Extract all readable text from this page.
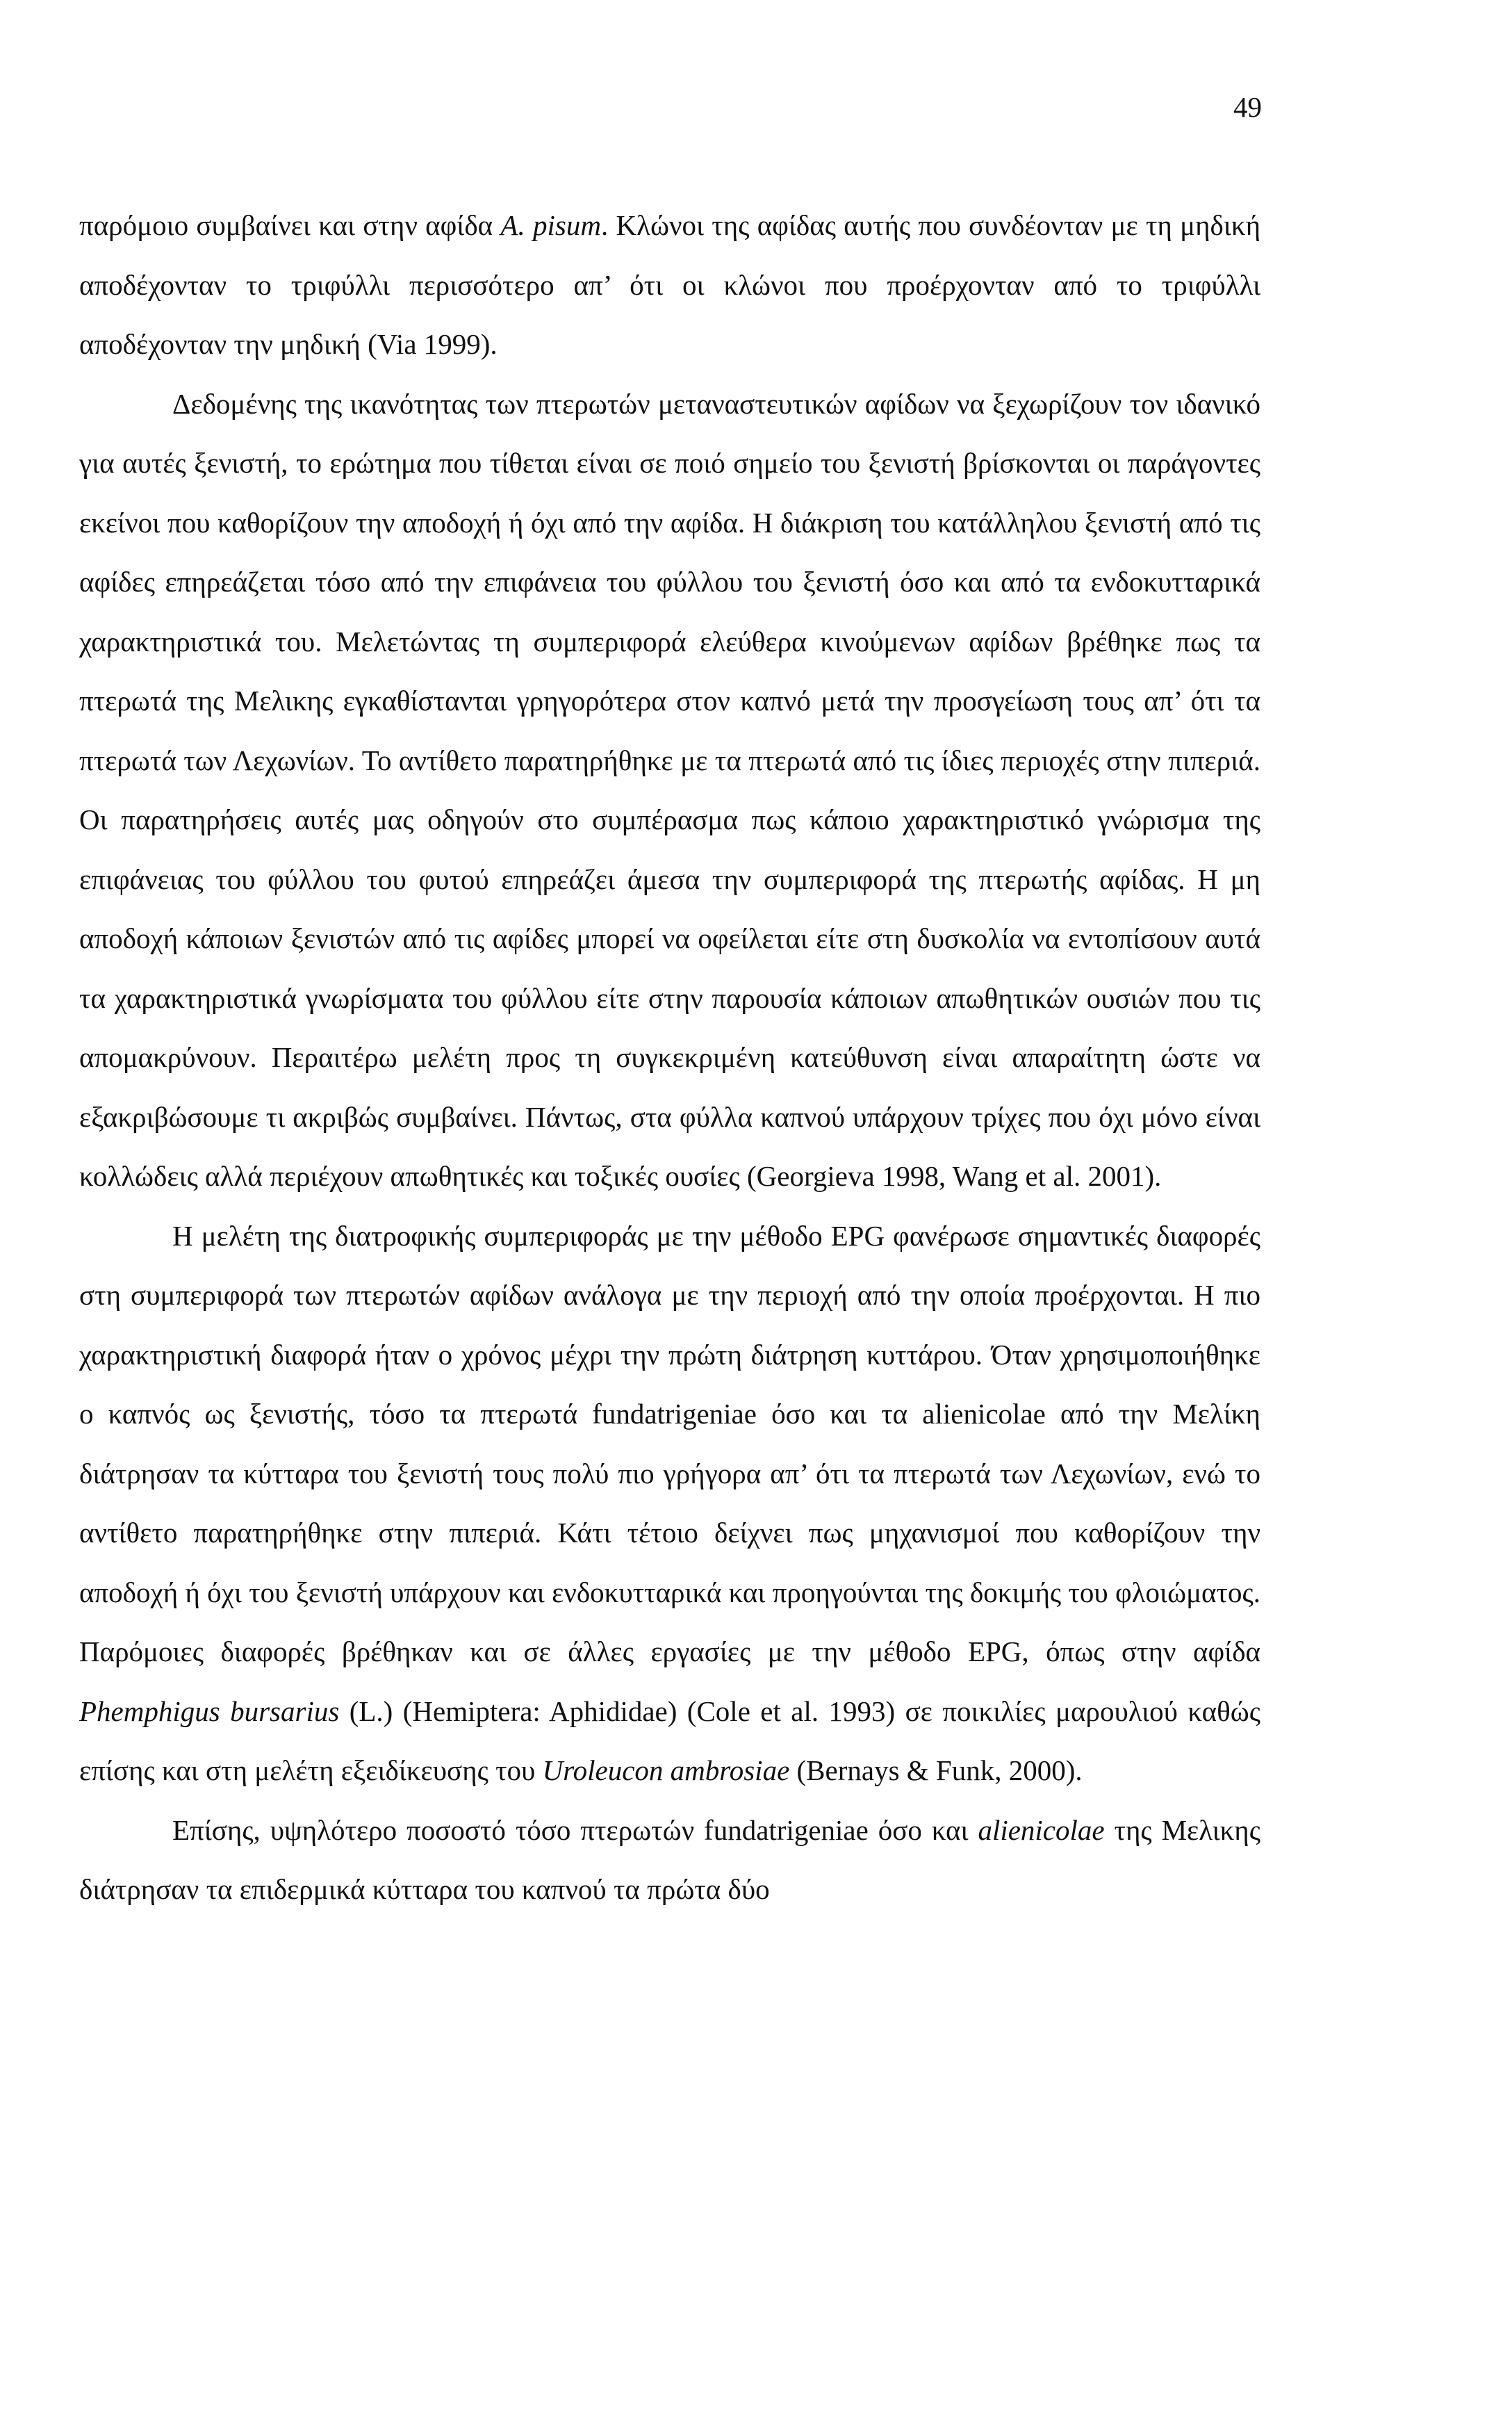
49

παρόμοιο συμβαίνει και στην αφίδα A. pisum. Κλώνοι της αφίδας αυτής που συνδέονταν με τη μηδική αποδέχονταν το τριφύλλι περισσότερο απ’ ότι οι κλώνοι που προέρχονταν από το τριφύλλι αποδέχονταν την μηδική (Via 1999).

Δεδομένης της ικανότητας των πτερωτών μεταναστευτικών αφίδων να ξεχωρίζουν τον ιδανικό για αυτές ξενιστή, το ερώτημα που τίθεται είναι σε ποιό σημείο του ξενιστή βρίσκονται οι παράγοντες εκείνοι που καθορίζουν την αποδοχή ή όχι από την αφίδα. Η διάκριση του κατάλληλου ξενιστή από τις αφίδες επηρεάζεται τόσο από την επιφάνεια του φύλλου του ξενιστή όσο και από τα ενδοκυτταρικά χαρακτηριστικά του. Μελετώντας τη συμπεριφορά ελεύθερα κινούμενων αφίδων βρέθηκε πως τα πτερωτά της Μελικης εγκαθίστανται γρηγορότερα στον καπνό μετά την προσγείωση τους απ’ ότι τα πτερωτά των Λεχωνίων. Το αντίθετο παρατηρήθηκε με τα πτερωτά από τις ίδιες περιοχές στην πιπεριά. Οι παρατηρήσεις αυτές μας οδηγούν στο συμπέρασμα πως κάποιο χαρακτηριστικό γνώρισμα της επιφάνειας του φύλλου του φυτού επηρεάζει άμεσα την συμπεριφορά της πτερωτής αφίδας. Η μη αποδοχή κάποιων ξενιστών από τις αφίδες μπορεί να οφείλεται είτε στη δυσκολία να εντοπίσουν αυτά τα χαρακτηριστικά γνωρίσματα του φύλλου είτε στην παρουσία κάποιων απωθητικών ουσιών που τις απομακρύνουν. Περαιτέρω μελέτη προς τη συγκεκριμένη κατεύθυνση είναι απαραίτητη ώστε να εξακριβώσουμε τι ακριβώς συμβαίνει. Πάντως, στα φύλλα καπνού υπάρχουν τρίχες που όχι μόνο είναι κολλώδεις αλλά περιέχουν απωθητικές και τοξικές ουσίες (Georgieva 1998, Wang et al. 2001).

Η μελέτη της διατροφικής συμπεριφοράς με την μέθοδο EPG φανέρωσε σημαντικές διαφορές στη συμπεριφορά των πτερωτών αφίδων ανάλογα με την περιοχή από την οποία προέρχονται. Η πιο χαρακτηριστική διαφορά ήταν ο χρόνος μέχρι την πρώτη διάτρηση κυττάρου. Όταν χρησιμοποιήθηκε ο καπνός ως ξενιστής, τόσο τα πτερωτά fundatrigeniae όσο και τα alienicolae από την Μελίκη διάτρησαν τα κύτταρα του ξενιστή τους πολύ πιο γρήγορα απ’ ότι τα πτερωτά των Λεχωνίων, ενώ το αντίθετο παρατηρήθηκε στην πιπεριά. Κάτι τέτοιο δείχνει πως μηχανισμοί που καθορίζουν την αποδοχή ή όχι του ξενιστή υπάρχουν και ενδοκυτταρικά και προηγούνται της δοκιμής του φλοιώματος. Παρόμοιες διαφορές βρέθηκαν και σε άλλες εργασίες με την μέθοδο EPG, όπως στην αφίδα Phemphigus bursarius (L.) (Hemiptera: Aphididae) (Cole et al. 1993) σε ποικιλίες μαρουλιού καθώς επίσης και στη μελέτη εξειδίκευσης του Uroleucon ambrosiae (Bernays & Funk, 2000).

Επίσης, υψηλότερο ποσοστό τόσο πτερωτών fundatrigeniae όσο και alienicolae της Μελικης διάτρησαν τα επιδερμικά κύτταρα του καπνού τα πρώτα δύο
